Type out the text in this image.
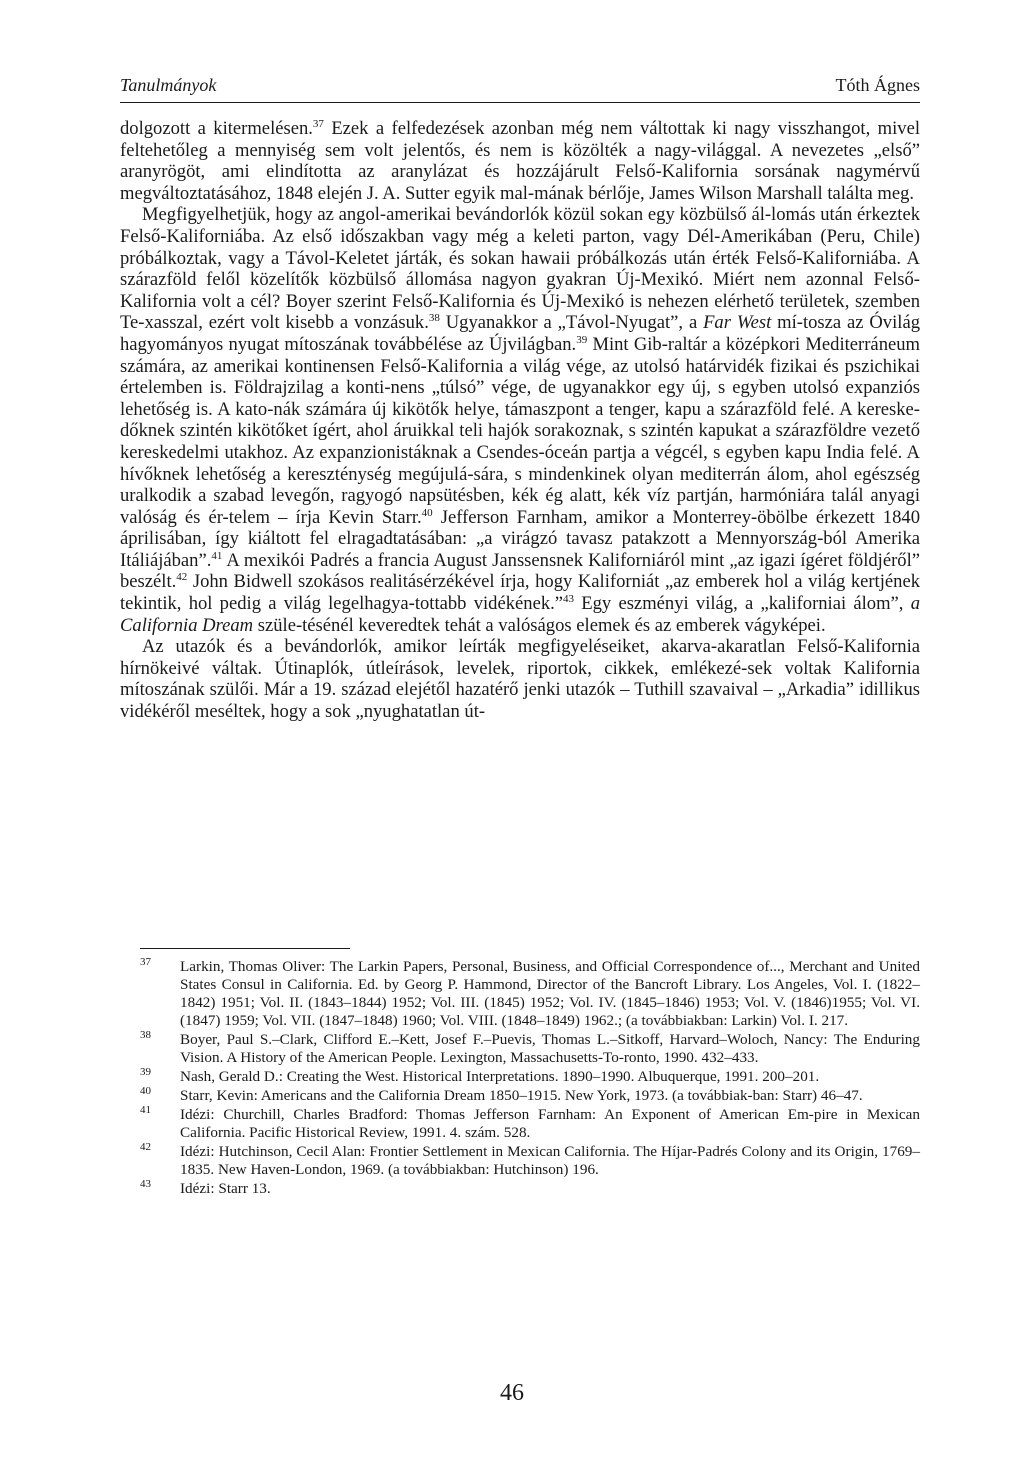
Tanulmányok	Tóth Ágnes

dolgozott a kitermelésen.$^{37}$ Ezek a felfedezések azonban még nem váltottak ki nagy visszhangot, mivel feltehetőleg a mennyiség sem volt jelentős, és nem is közölték a nagy-világgal. A nevezetes „első” aranyrögöt, ami elindította az aranylázat és hozzájárult Felső-Kalifornia sorsának nagymérvű megváltoztatásához, 1848 elején J. A. Sutter egyik mal-mának bérlője, James Wilson Marshall találta meg.

Megfigyelhetjük, hogy az angol-amerikai bevándorlók közül sokan egy közbülső ál-lomás után érkeztek Felső-Kaliforniába. Az első időszakban vagy még a keleti parton, vagy Dél-Amerikában (Peru, Chile) próbálkoztak, vagy a Távol-Keletet járták, és sokan hawaii próbálkozás után érték Felső-Kaliforniába. A szárazföld felől közelítők közbülső állomása nagyon gyakran Új-Mexikó. Miért nem azonnal Felső-Kalifornia volt a cél? Boyer szerint Felső-Kalifornia és Új-Mexikó is nehezen elérhető területek, szemben Te-xasszal, ezért volt kisebb a vonzásuk.$^{38}$ Ugyanakkor a „Távol-Nyugat”, a Far West mí-tosza az Óvilág hagyományos nyugat mítoszának továbbélése az Újvilágban.$^{39}$ Mint Gib-raltár a középkori Mediterráneum számára, az amerikai kontinensen Felső-Kalifornia a világ vége, az utolsó határvidék fizikai és pszichikai értelemben is. Földrajzilag a konti-nens „túlsó” vége, de ugyanakkor egy új, s egyben utolsó expanziós lehetőség is. A kato-nák számára új kikötők helye, támaszpont a tenger, kapu a szárazföld felé. A kereske-dőknek szintén kikötőket ígért, ahol áruikkal teli hajók sorakoznak, s szintén kapukat a szárazföldre vezető kereskedelmi utakhoz. Az expanzionistáknak a Csendes-óceán partja a végcél, s egyben kapu India felé. A hívőknek lehetőség a kereszténység megújulá-sára, s mindenkinek olyan mediterrán álom, ahol egészség uralkodik a szabad levegőn, ragyogó napsütésben, kék ég alatt, kék víz partján, harmóniára talál anyagi valóság és ér-telem – írja Kevin Starr.$^{40}$ Jefferson Farnham, amikor a Monterrey-öbölbe érkezett 1840 áprilisában, így kiáltott fel elragadtatásában: „a virágzó tavasz patakzott a Mennyország-ból Amerika Itáliájában”.$^{41}$ A mexikói Padrés a francia August Janssensnek Kaliforniáról mint „az igazi ígéret földjéről” beszélt.$^{42}$ John Bidwell szokásos realitásérzékével írja, hogy Kaliforniát „az emberek hol a világ kertjének tekintik, hol pedig a világ legelhagya-tottabb vidékének.”$^{43}$ Egy eszményi világ, a „kaliforniai álom”, a California Dream szüle-tésénél keveredtek tehát a valóságos elemek és az emberek vágyképei.

Az utazók és a bevándorlók, amikor leírták megfigyeléseiket, akarva-akaratlan Felső-Kalifornia hírnökeivé váltak. Útinaplók, útleírások, levelek, riportok, cikkek, emlékezé-sek voltak Kalifornia mítoszának szülői. Már a 19. század elejétől hazatérő jenki utazók – Tuthill szavaival – „Arkadia” idillikus vidékéről meséltek, hogy a sok „nyughatatlan út-

37 Larkin, Thomas Oliver: The Larkin Papers, Personal, Business, and Official Correspondence of..., Merchant and United States Consul in California. Ed. by Georg P. Hammond, Director of the Bancroft Library. Los Angeles, Vol. I. (1822–1842) 1951; Vol. II. (1843–1844) 1952; Vol. III. (1845) 1952; Vol. IV. (1845–1846) 1953; Vol. V. (1846)1955; Vol. VI. (1847) 1959; Vol. VII. (1847–1848) 1960; Vol. VIII. (1848–1849) 1962.; (a továbbiakban: Larkin) Vol. I. 217.
38 Boyer, Paul S.–Clark, Clifford E.–Kett, Josef F.–Puevis, Thomas L.–Sitkoff, Harvard–Woloch, Nancy: The Enduring Vision. A History of the American People. Lexington, Massachusetts-To-ronto, 1990. 432–433.
39 Nash, Gerald D.: Creating the West. Historical Interpretations. 1890–1990. Albuquerque, 1991. 200–201.
40 Starr, Kevin: Americans and the California Dream 1850–1915. New York, 1973. (a továbbiak-ban: Starr) 46–47.
41 Idézi: Churchill, Charles Bradford: Thomas Jefferson Farnham: An Exponent of American Em-pire in Mexican California. Pacific Historical Review, 1991. 4. szám. 528.
42 Idézi: Hutchinson, Cecil Alan: Frontier Settlement in Mexican California. The Híjar-Padrés Colony and its Origin, 1769–1835. New Haven-London, 1969. (a továbbiakban: Hutchinson) 196.
43 Idézi: Starr 13.
46
